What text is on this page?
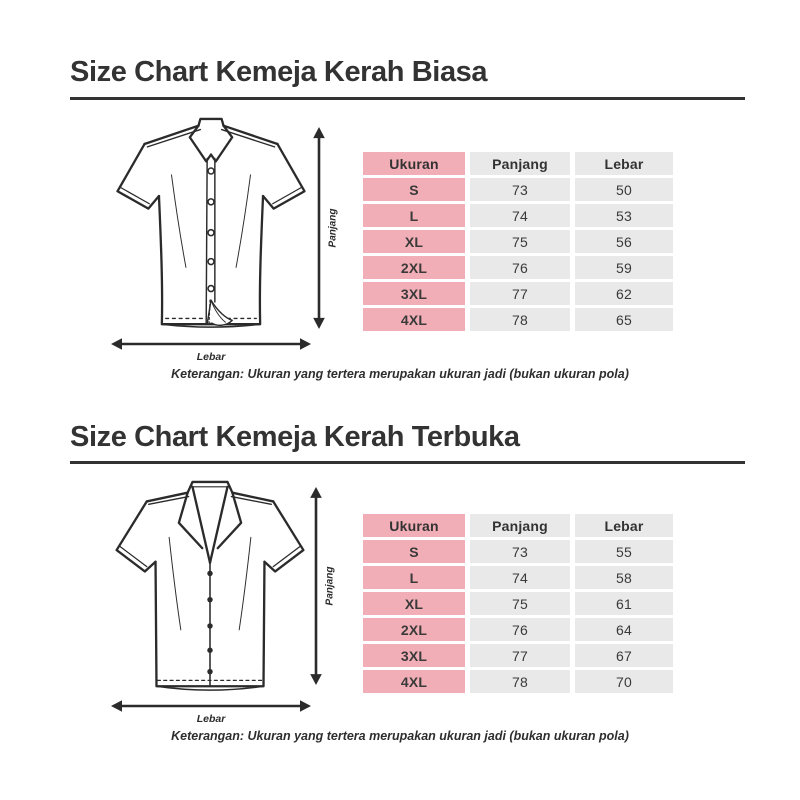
Size Chart Kemeja Kerah Biasa
Panjang
Lebar
Ukuran	Panjang	Lebar
S	73	50
L	74	53
XL	75	56
2XL	76	59
3XL	77	62
4XL	78	65

Keterangan: Ukuran yang tertera merupakan ukuran jadi (bukan ukuran pola)

Size Chart Kemeja Kerah Terbuka
Panjang
Lebar
Ukuran	Panjang	Lebar
S	73	55
L	74	58
XL	75	61
2XL	76	64
3XL	77	67
4XL	78	70

Keterangan: Ukuran yang tertera merupakan ukuran jadi (bukan ukuran pola)
